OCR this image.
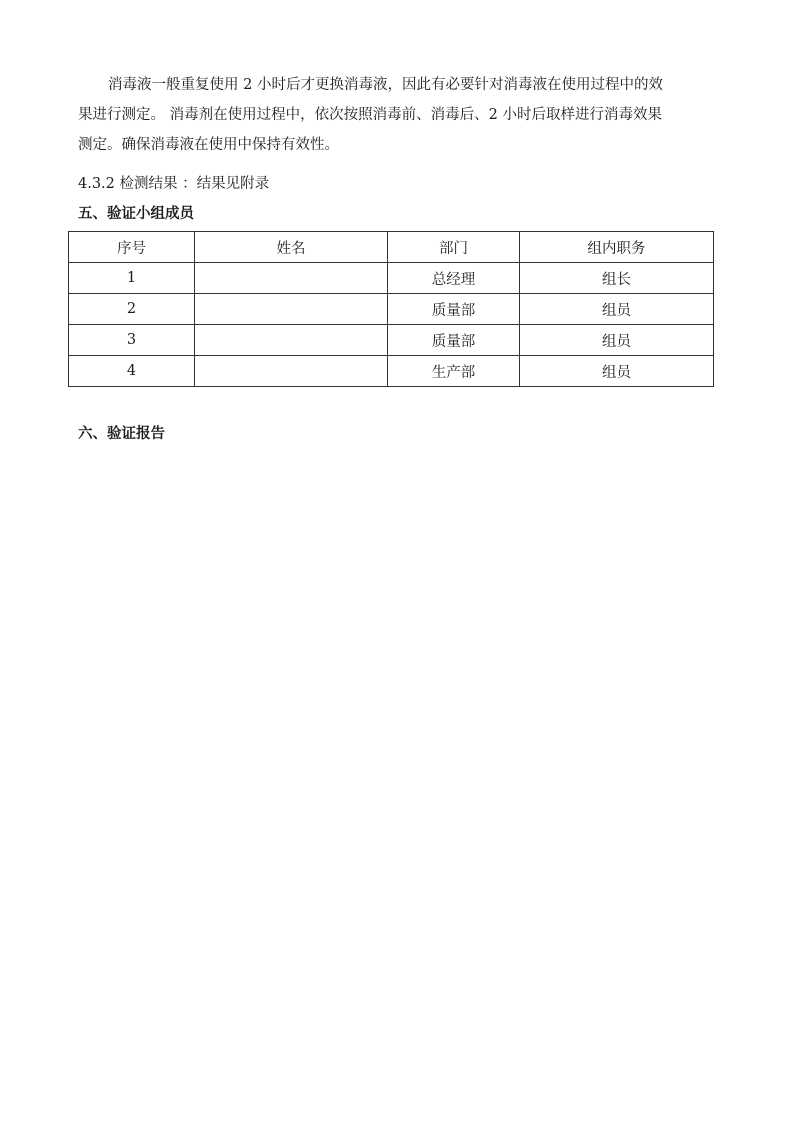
消毒液一般重复使用 2 小时后才更换消毒液，因此有必要针对消毒液在使用过程中的效
果进行测定。 消毒剂在使用过程中，依次按照消毒前、消毒后、2 小时后取样进行消毒效果
测定。确保消毒液在使用中保持有效性。
4.3.2 检测结果 ：结果见附录
五、验证小组成员
序号	姓名	部门	组内职务
1		总经理	组长
2		质量部	组员
3		质量部	组员
4		生产部	组员
六、验证报告
